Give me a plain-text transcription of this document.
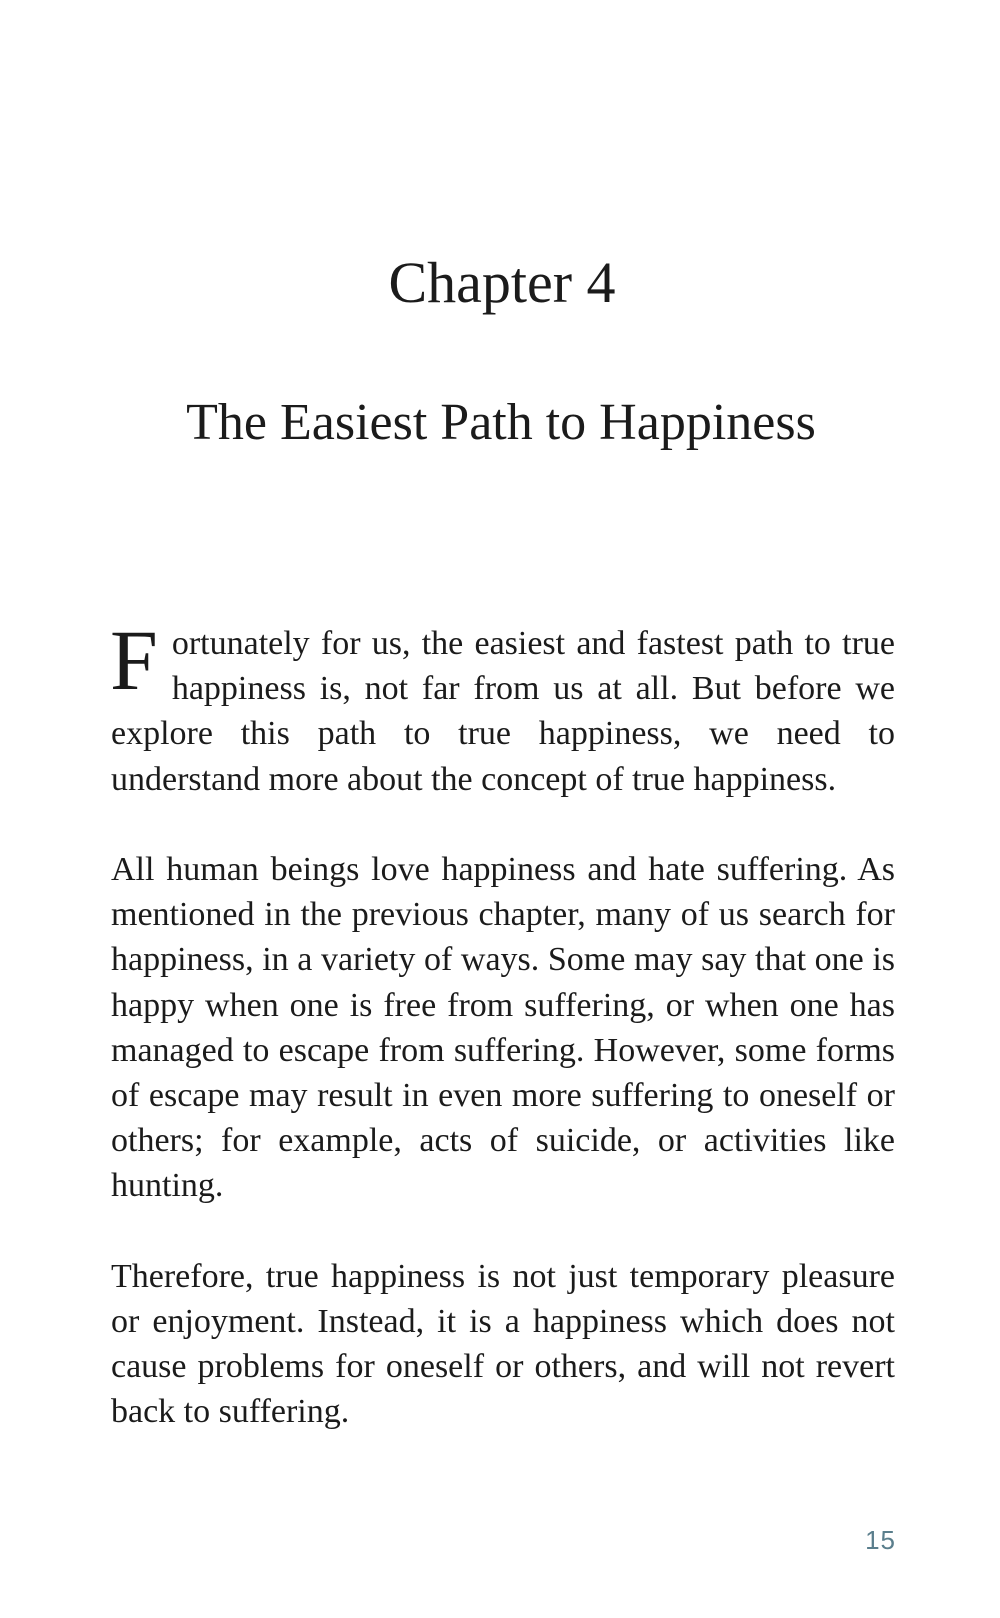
Chapter 4
The Easiest Path to Happiness

Fortunately for us, the easiest and fastest path to true happiness is, not far from us at all. But before we explore this path to true happiness, we need to understand more about the concept of true happiness.

All human beings love happiness and hate suffering. As mentioned in the previous chapter, many of us search for happiness, in a variety of ways. Some may say that one is happy when one is free from suffering, or when one has managed to escape from suffering. However, some forms of escape may result in even more suffering to oneself or others; for example, acts of suicide, or activities like hunting.

Therefore, true happiness is not just temporary pleasure or enjoyment. Instead, it is a happiness which does not cause problems for oneself or others, and will not revert back to suffering.

15
